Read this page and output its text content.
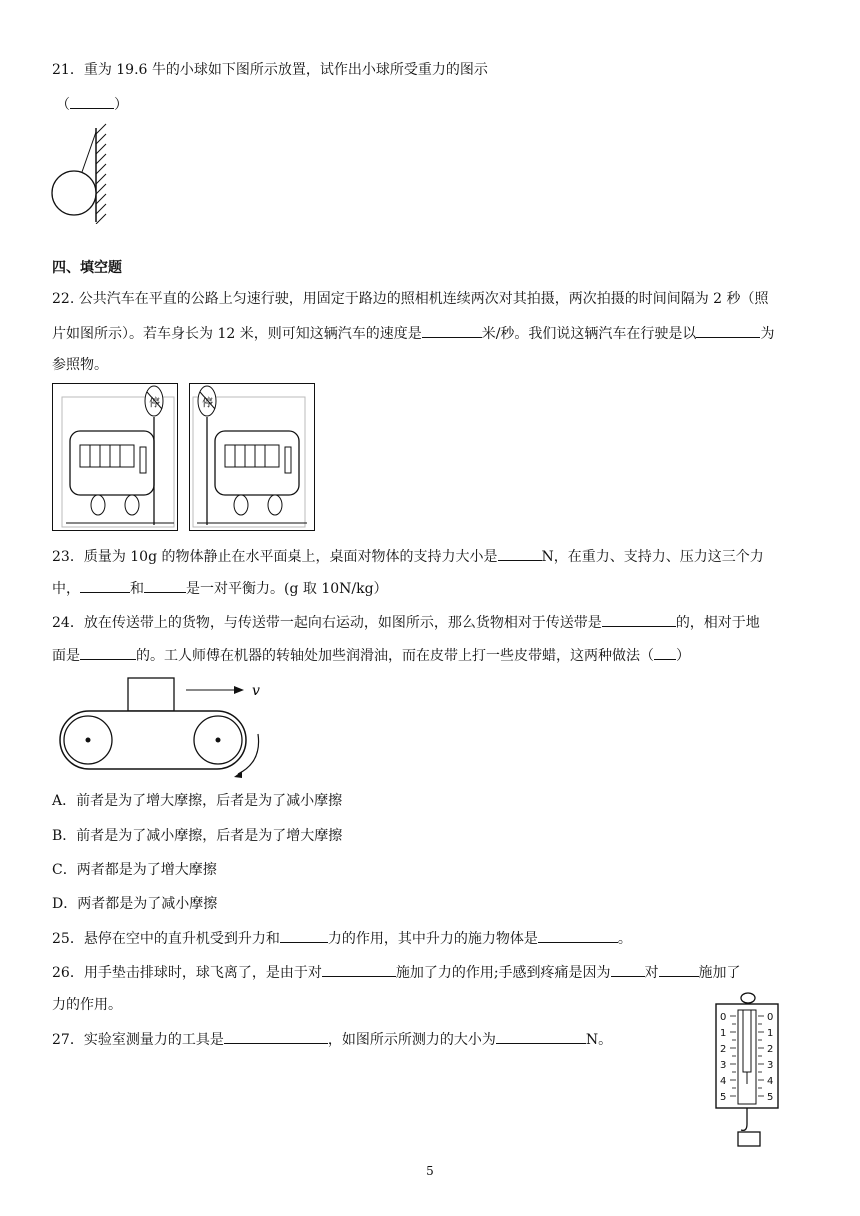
21．重为 19.6 牛的小球如下图所示放置，试作出小球所受重力的图示
（	）
四、填空题
22. 公共汽车在平直的公路上匀速行驶，用固定于路边的照相机连续两次对其拍摄，两次拍摄的时间间隔为 2 秒（照
片如图所示）。若车身长为 12 米，则可知这辆汽车的速度是	米/秒。我们说这辆汽车在行驶是以	为
参照物。
停	停
23．质量为 10g 的物体静止在水平面桌上，桌面对物体的支持力大小是	N，在重力、支持力、压力这三个力
中，	和	是一对平衡力。(g 取 10N/kg）
24．放在传送带上的货物，与传送带一起向右运动，如图所示，那么货物相对于传送带是	的，相对于地
面是	的。工人师傅在机器的转轴处加些润滑油，而在皮带上打一些皮带蜡，这两种做法（ ）
v
A．前者是为了增大摩擦，后者是为了减小摩擦
B．前者是为了减小摩擦，后者是为了增大摩擦
C．两者都是为了增大摩擦
D．两者都是为了减小摩擦
25．悬停在空中的直升机受到升力和	力的作用，其中升力的施力物体是	。
26．用手垫击排球时，球飞离了，是由于对	施加了力的作用;手感到疼痛是因为 对	施加了
力的作用。
27．实验室测量力的工具是	，如图所示所测力的大小为	N。
0
1
2
3
4
5
0
1
2
3
4
5
5
